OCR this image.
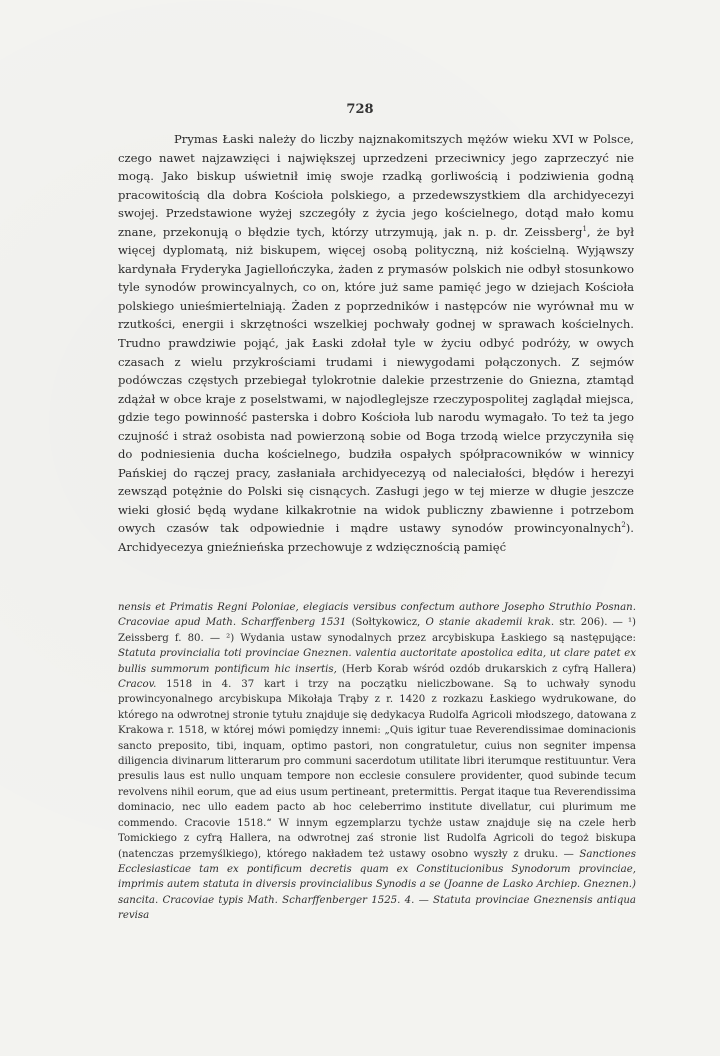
728

Prymas Łaski należy do liczby najznakomitszych mężów wieku XVI w Polsce, czego nawet najzawzięci i największej uprzedzeni przeciwnicy jego zaprzeczyć nie mogą. Jako biskup uświetnił imię swoje rzadką gorliwością i podziwienia godną pracowitością dla dobra Kościoła polskiego, a przedewszystkiem dla archidyecezyi swojej. Przedstawione wyżej szczegóły z życia jego kościelnego, dotąd mało komu znane, przekonują o błędzie tych, którzy utrzymują, jak n. p. dr. Zeissberg$^1$, że był więcej dyplomatą, niż biskupem, więcej osobą polityczną, niż kościelną. Wyjąwszy kardynała Fryderyka Jagiellończyka, żaden z prymasów polskich nie odbył stosunkowo tyle synodów prowincyalnych, co on, które już same pamięć jego w dziejach Kościoła polskiego unieśmiertelniają. Żaden z poprzedników i następców nie wyrównał mu w rzutkości, energii i skrzętności wszelkiej pochwały godnej w sprawach kościelnych. Trudno prawdziwie pojąć, jak Łaski zdołał tyle w życiu odbyć podróży, w owych czasach z wielu przykrościami trudami i niewygodami połączonych. Z sejmów podówczas częstych przebiegał tylokrotnie dalekie przestrzenie do Gniezna, ztamtąd zdążał w obce kraje z poselstwami, w najodleglejsze rzeczypospolitej zaglądał miejsca, gdzie tego powinność pasterska i dobro Kościoła lub narodu wymagało. To też ta jego czujność i straż osobista nad powierzoną sobie od Boga trzodą wielce przyczyniła się do podniesienia ducha kościelnego, budziła ospałych spółpracowników w winnicy Pańskiej do rączej pracy, zasłaniała archidyecezyą od naleciałości, błędów i herezyi zewsząd potężnie do Polski się cisnących. Zasługi jego w tej mierze w długie jeszcze wieki głosić będą wydane kilkakrotnie na widok publiczny zbawienne i potrzebom owych czasów tak odpowiednie i mądre ustawy synodów prowincyonalnych$^2$). Archidyecezya gnieźnieńska przechowuje z wdzięcznością pamięć

nensis et Primatis Regni Poloniae, elegiacis versibus confectum authore Josepho Struthio Posnan. Cracoviae apud Math. Scharffenberg 1531 (Sołtykowicz, O stanie akademii krak. str. 206). — ¹) Zeissberg f. 80. — ²) Wydania ustaw synodalnych przez arcybiskupa Łaskiego są następujące: Statuta provincialia toti provinciae Gneznen. valentia auctoritate apostolica edita, ut clare patet ex bullis summorum pontificum hic insertis, (Herb Korab wśród ozdób drukarskich z cyfrą Hallera) Cracov. 1518 in 4. 37 kart i trzy na początku nieliczbowane. Są to uchwały synodu prowincyonalnego arcybiskupa Mikołaja Trąby z r. 1420 z rozkazu Łaskiego wydrukowane, do którego na odwrotnej stronie tytułu znajduje się dedykacya Rudolfa Agricoli młodszego, datowana z Krakowa r. 1518, w której mówi pomiędzy innemi: „Quis igitur tuae Reverendissimae dominacionis sancto preposito, tibi, inquam, optimo pastori, non congratuletur, cuius non segniter impensa diligencia divinarum litterarum pro communi sacerdotum utilitate libri iterumque restituuntur. Vera presulis laus est nullo unquam tempore non ecclesie consulere providenter, quod subinde tecum revolvens nihil eorum, que ad eius usum pertineant, pretermittis. Pergat itaque tua Reverendissima dominacio, nec ullo eadem pacto ab hoc celeberrimo institute divellatur, cui plurimum me commendo. Cracovie 1518.“ W innym egzemplarzu tychże ustaw znajduje się na czele herb Tomickiego z cyfrą Hallera, na odwrotnej zaś stronie list Rudolfa Agricoli do tegoż biskupa (natenczas przemyślkiego), którego nakładem też ustawy osobno wyszły z druku. — Sanctiones Ecclesiasticae tam ex pontificum decretis quam ex Constitucionibus Synodorum provinciae, imprimis autem statuta in diversis provincialibus Synodis a se (Joanne de Lasko Archiep. Gneznen.) sancita. Cracoviae typis Math. Scharffenberger 1525. 4. — Statuta provinciae Gneznensis antiqua revisa
